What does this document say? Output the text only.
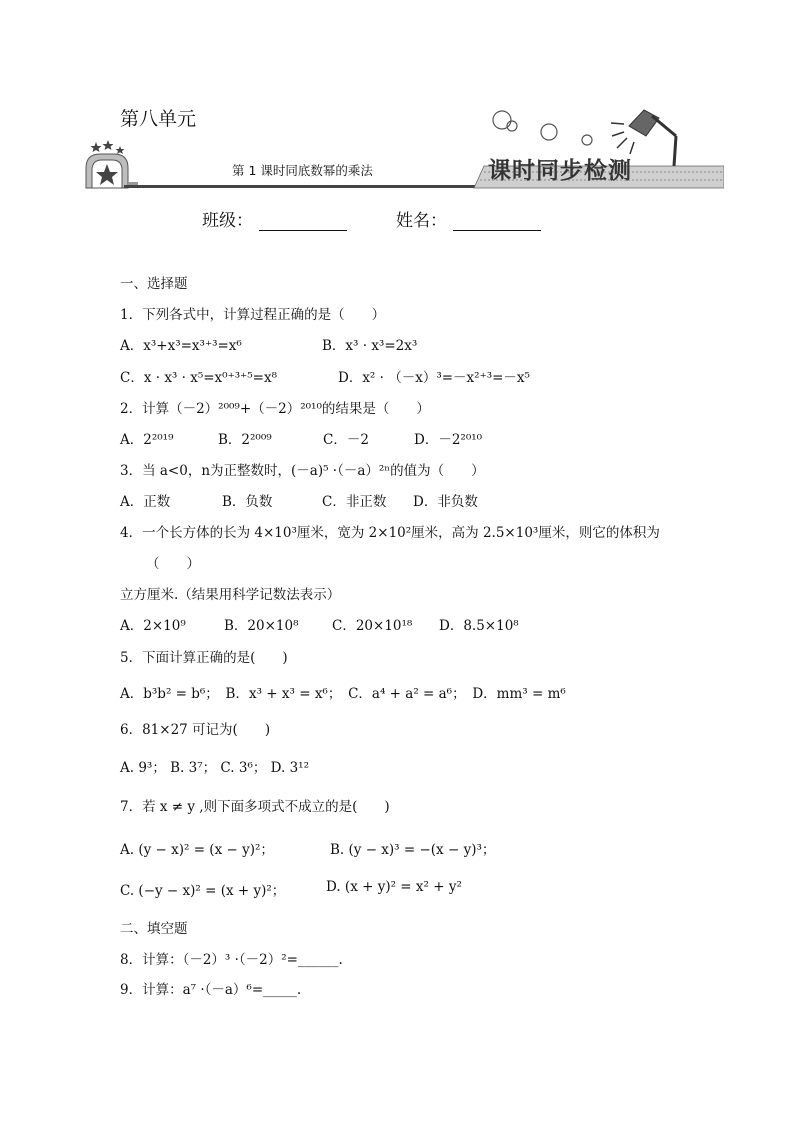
第八单元
第 1 课时同底数幂的乘法	课时同步检测
班级：	姓名：
一、选择题
1．下列各式中，计算过程正确的是（　　）
A．x³+x³=x³⁺³=x⁶	B．x³ · x³=2x³
C．x · x³ · x⁵=x⁰⁺³⁺⁵=x⁸	D．x² · （－x）³=－x²⁺³=－x⁵
2．计算（－2）²⁰⁰⁹+（－2）²⁰¹⁰的结果是（　　）
A．2²⁰¹⁹	B．2²⁰⁰⁹	C．－2	D．－2²⁰¹⁰
3．当 a<0，n为正整数时，(－a)⁵ ·（－a）²ⁿ的值为（　　）
A．正数	B．负数	C．非正数 D．非负数
4．一个长方体的长为 4×10³厘米，宽为 2×10²厘米，高为 2.5×10³厘米，则它的体积为
（　　）
立方厘米.（结果用科学记数法表示）
A．2×10⁹	B．20×10⁸ C．20×10¹⁸ D．8.5×10⁸
5．下面计算正确的是(　　)
A．b³b² = b⁶；　B．x³ + x³ = x⁶；　C．a⁴ + a² = a⁶；　D．mm³ = m⁶
6．81×27 可记为(　　)
A. 9³； B. 3⁷； C. 3⁶； D. 3¹²
7．若 x ≠ y ,则下面多项式不成立的是(　　)
A. (y − x)² = (x − y)²；	B. (y − x)³ = −(x − y)³；
C. (−y − x)² = (x + y)²；	D. (x + y)² = x² + y²
二、填空题
8．计算：（－2）³ ·（－2）²=______.
9．计算：a⁷ ·（－a）⁶=_____.
